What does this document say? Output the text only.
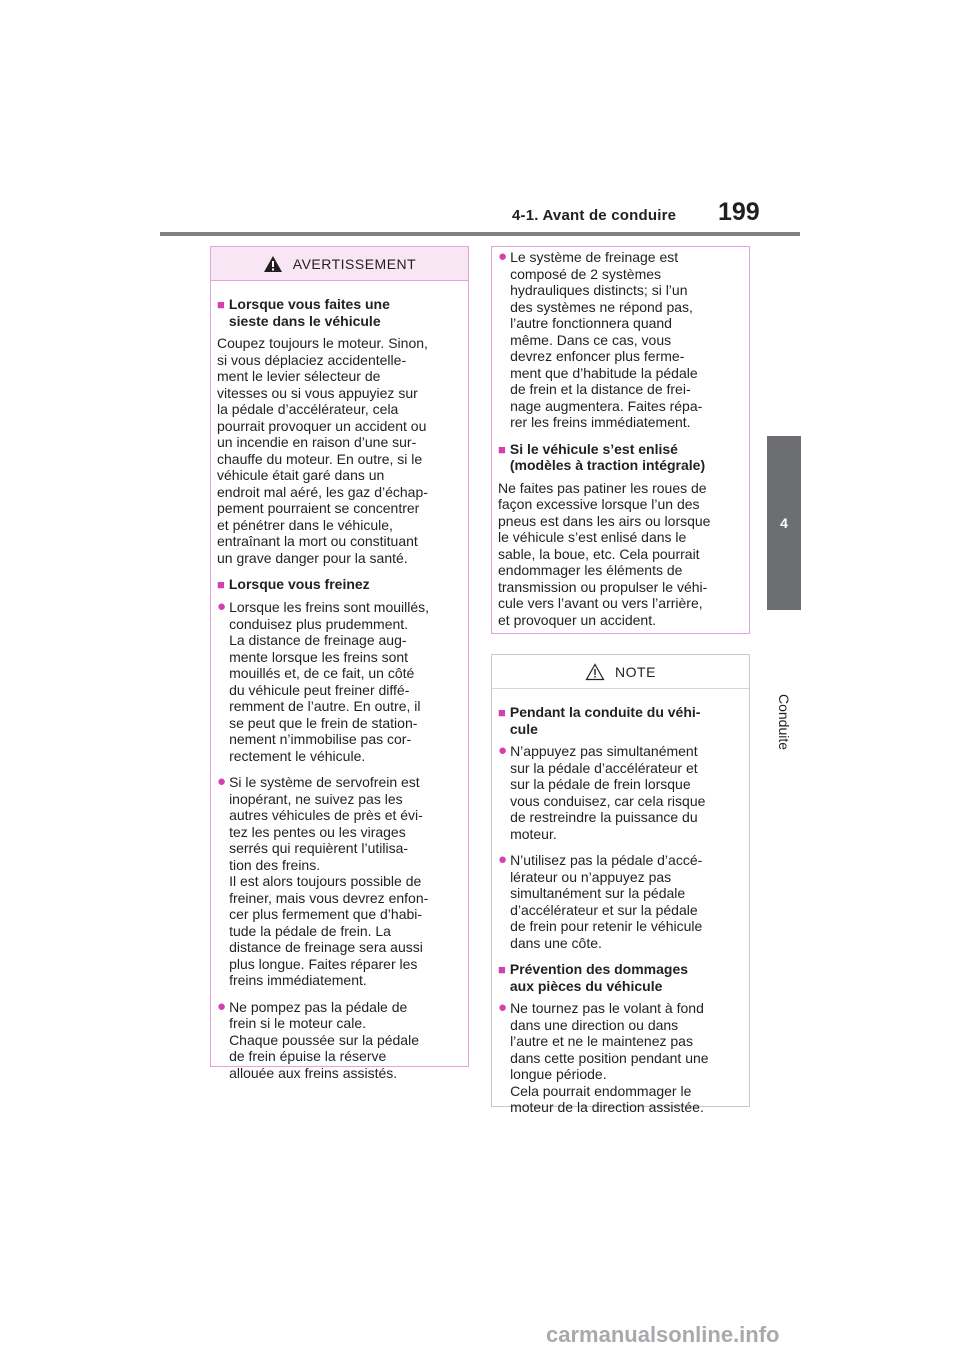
4-1. Avant de conduire 199
4
Conduite
AVERTISSEMENT
■ Lorsque vous faites une
sieste dans le véhicule
Coupez toujours le moteur. Sinon,
si vous déplaciez accidentelle-
ment le levier sélecteur de
vitesses ou si vous appuyiez sur
la pédale d’accélérateur, cela
pourrait provoquer un accident ou
un incendie en raison d’une sur-
chauffe du moteur. En outre, si le
véhicule était garé dans un
endroit mal aéré, les gaz d’échap-
pement pourraient se concentrer
et pénétrer dans le véhicule,
entraînant la mort ou constituant
un grave danger pour la santé.
■ Lorsque vous freinez
● Lorsque les freins sont mouillés,
conduisez plus prudemment.
La distance de freinage aug-
mente lorsque les freins sont
mouillés et, de ce fait, un côté
du véhicule peut freiner diffé-
remment de l’autre. En outre, il
se peut que le frein de station-
nement n’immobilise pas cor-
rectement le véhicule.
● Si le système de servofrein est
inopérant, ne suivez pas les
autres véhicules de près et évi-
tez les pentes ou les virages
serrés qui requièrent l’utilisa-
tion des freins.
Il est alors toujours possible de
freiner, mais vous devrez enfon-
cer plus fermement que d’habi-
tude la pédale de frein. La
distance de freinage sera aussi
plus longue. Faites réparer les
freins immédiatement.
● Ne pompez pas la pédale de
frein si le moteur cale.
Chaque poussée sur la pédale
de frein épuise la réserve
allouée aux freins assistés.
● Le système de freinage est
composé de 2 systèmes
hydrauliques distincts; si l’un
des systèmes ne répond pas,
l’autre fonctionnera quand
même. Dans ce cas, vous
devrez enfoncer plus ferme-
ment que d’habitude la pédale
de frein et la distance de frei-
nage augmentera. Faites répa-
rer les freins immédiatement.
■ Si le véhicule s’est enlisé
(modèles à traction intégrale)
Ne faites pas patiner les roues de
façon excessive lorsque l’un des
pneus est dans les airs ou lorsque
le véhicule s’est enlisé dans le
sable, la boue, etc. Cela pourrait
endommager les éléments de
transmission ou propulser le véhi-
cule vers l’avant ou vers l’arrière,
et provoquer un accident.
NOTE
■ Pendant la conduite du véhi-
cule
● N’appuyez pas simultanément
sur la pédale d’accélérateur et
sur la pédale de frein lorsque
vous conduisez, car cela risque
de restreindre la puissance du
moteur.
● N’utilisez pas la pédale d’accé-
lérateur ou n’appuyez pas
simultanément sur la pédale
d’accélérateur et sur la pédale
de frein pour retenir le véhicule
dans une côte.
■ Prévention des dommages
aux pièces du véhicule
● Ne tournez pas le volant à fond
dans une direction ou dans
l’autre et ne le maintenez pas
dans cette position pendant une
longue période.
Cela pourrait endommager le
moteur de la direction assistée.
carmanualsonline.info
